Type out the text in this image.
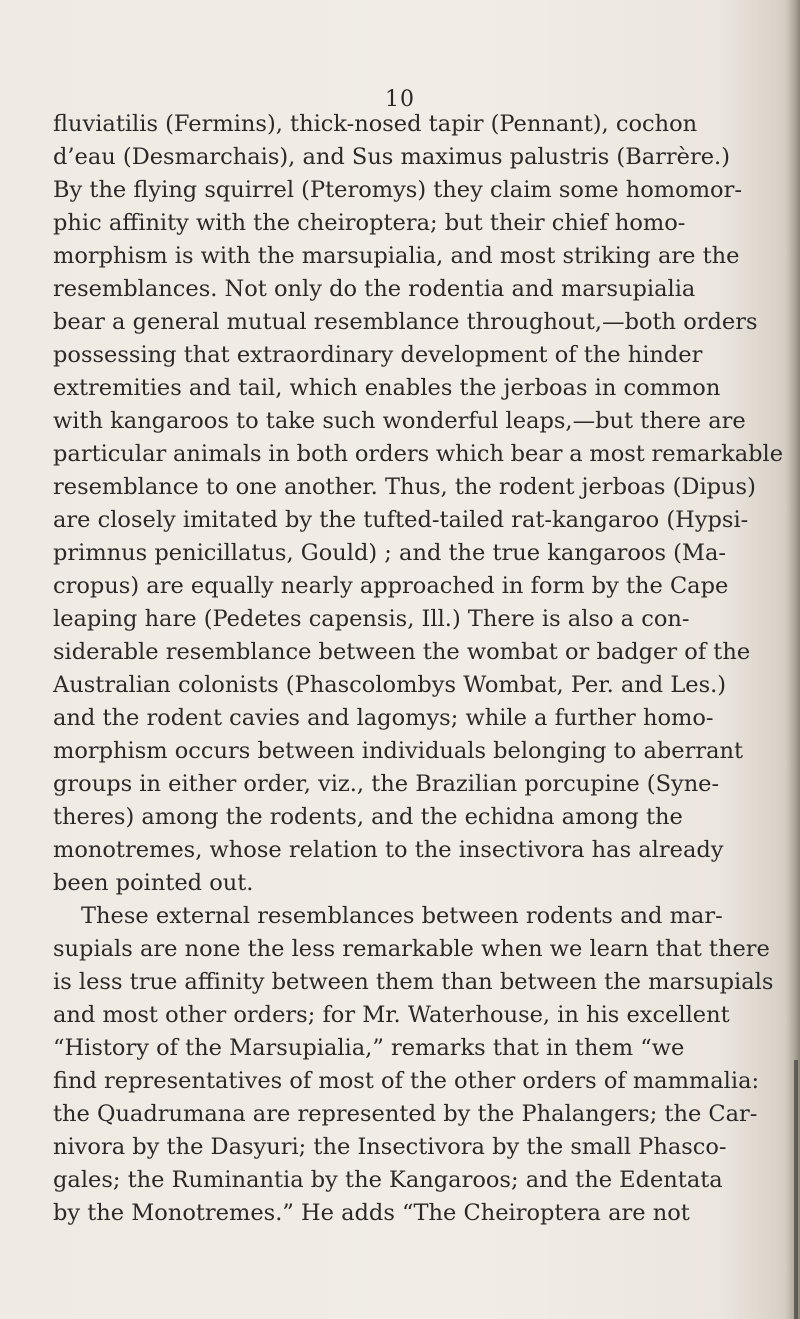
10
fluviatilis (Fermins), thick-nosed tapir (Pennant), cochon
d’eau (Desmarchais), and Sus maximus palustris (Barrère.)
By the flying squirrel (Pteromys) they claim some homomor-
phic affinity with the cheiroptera; but their chief homo-
morphism is with the marsupialia, and most striking are the
resemblances. Not only do the rodentia and marsupialia
bear a general mutual resemblance throughout,—both orders
possessing that extraordinary development of the hinder
extremities and tail, which enables the jerboas in common
with kangaroos to take such wonderful leaps,—but there are
particular animals in both orders which bear a most remarkable
resemblance to one another. Thus, the rodent jerboas (Dipus)
are closely imitated by the tufted-tailed rat-kangaroo (Hypsi-
primnus penicillatus, Gould) ; and the true kangaroos (Ma-
cropus) are equally nearly approached in form by the Cape
leaping hare (Pedetes capensis, Ill.) There is also a con-
siderable resemblance between the wombat or badger of the
Australian colonists (Phascolombys Wombat, Per. and Les.)
and the rodent cavies and lagomys; while a further homo-
morphism occurs between individuals belonging to aberrant
groups in either order, viz., the Brazilian porcupine (Syne-
theres) among the rodents, and the echidna among the
monotremes, whose relation to the insectivora has already
been pointed out.
These external resemblances between rodents and mar-
supials are none the less remarkable when we learn that there
is less true affinity between them than between the marsupials
and most other orders; for Mr. Waterhouse, in his excellent
“History of the Marsupialia,” remarks that in them “we
find representatives of most of the other orders of mammalia:
the Quadrumana are represented by the Phalangers; the Car-
nivora by the Dasyuri; the Insectivora by the small Phasco-
gales; the Ruminantia by the Kangaroos; and the Edentata
by the Monotremes.” He adds “The Cheiroptera are not
